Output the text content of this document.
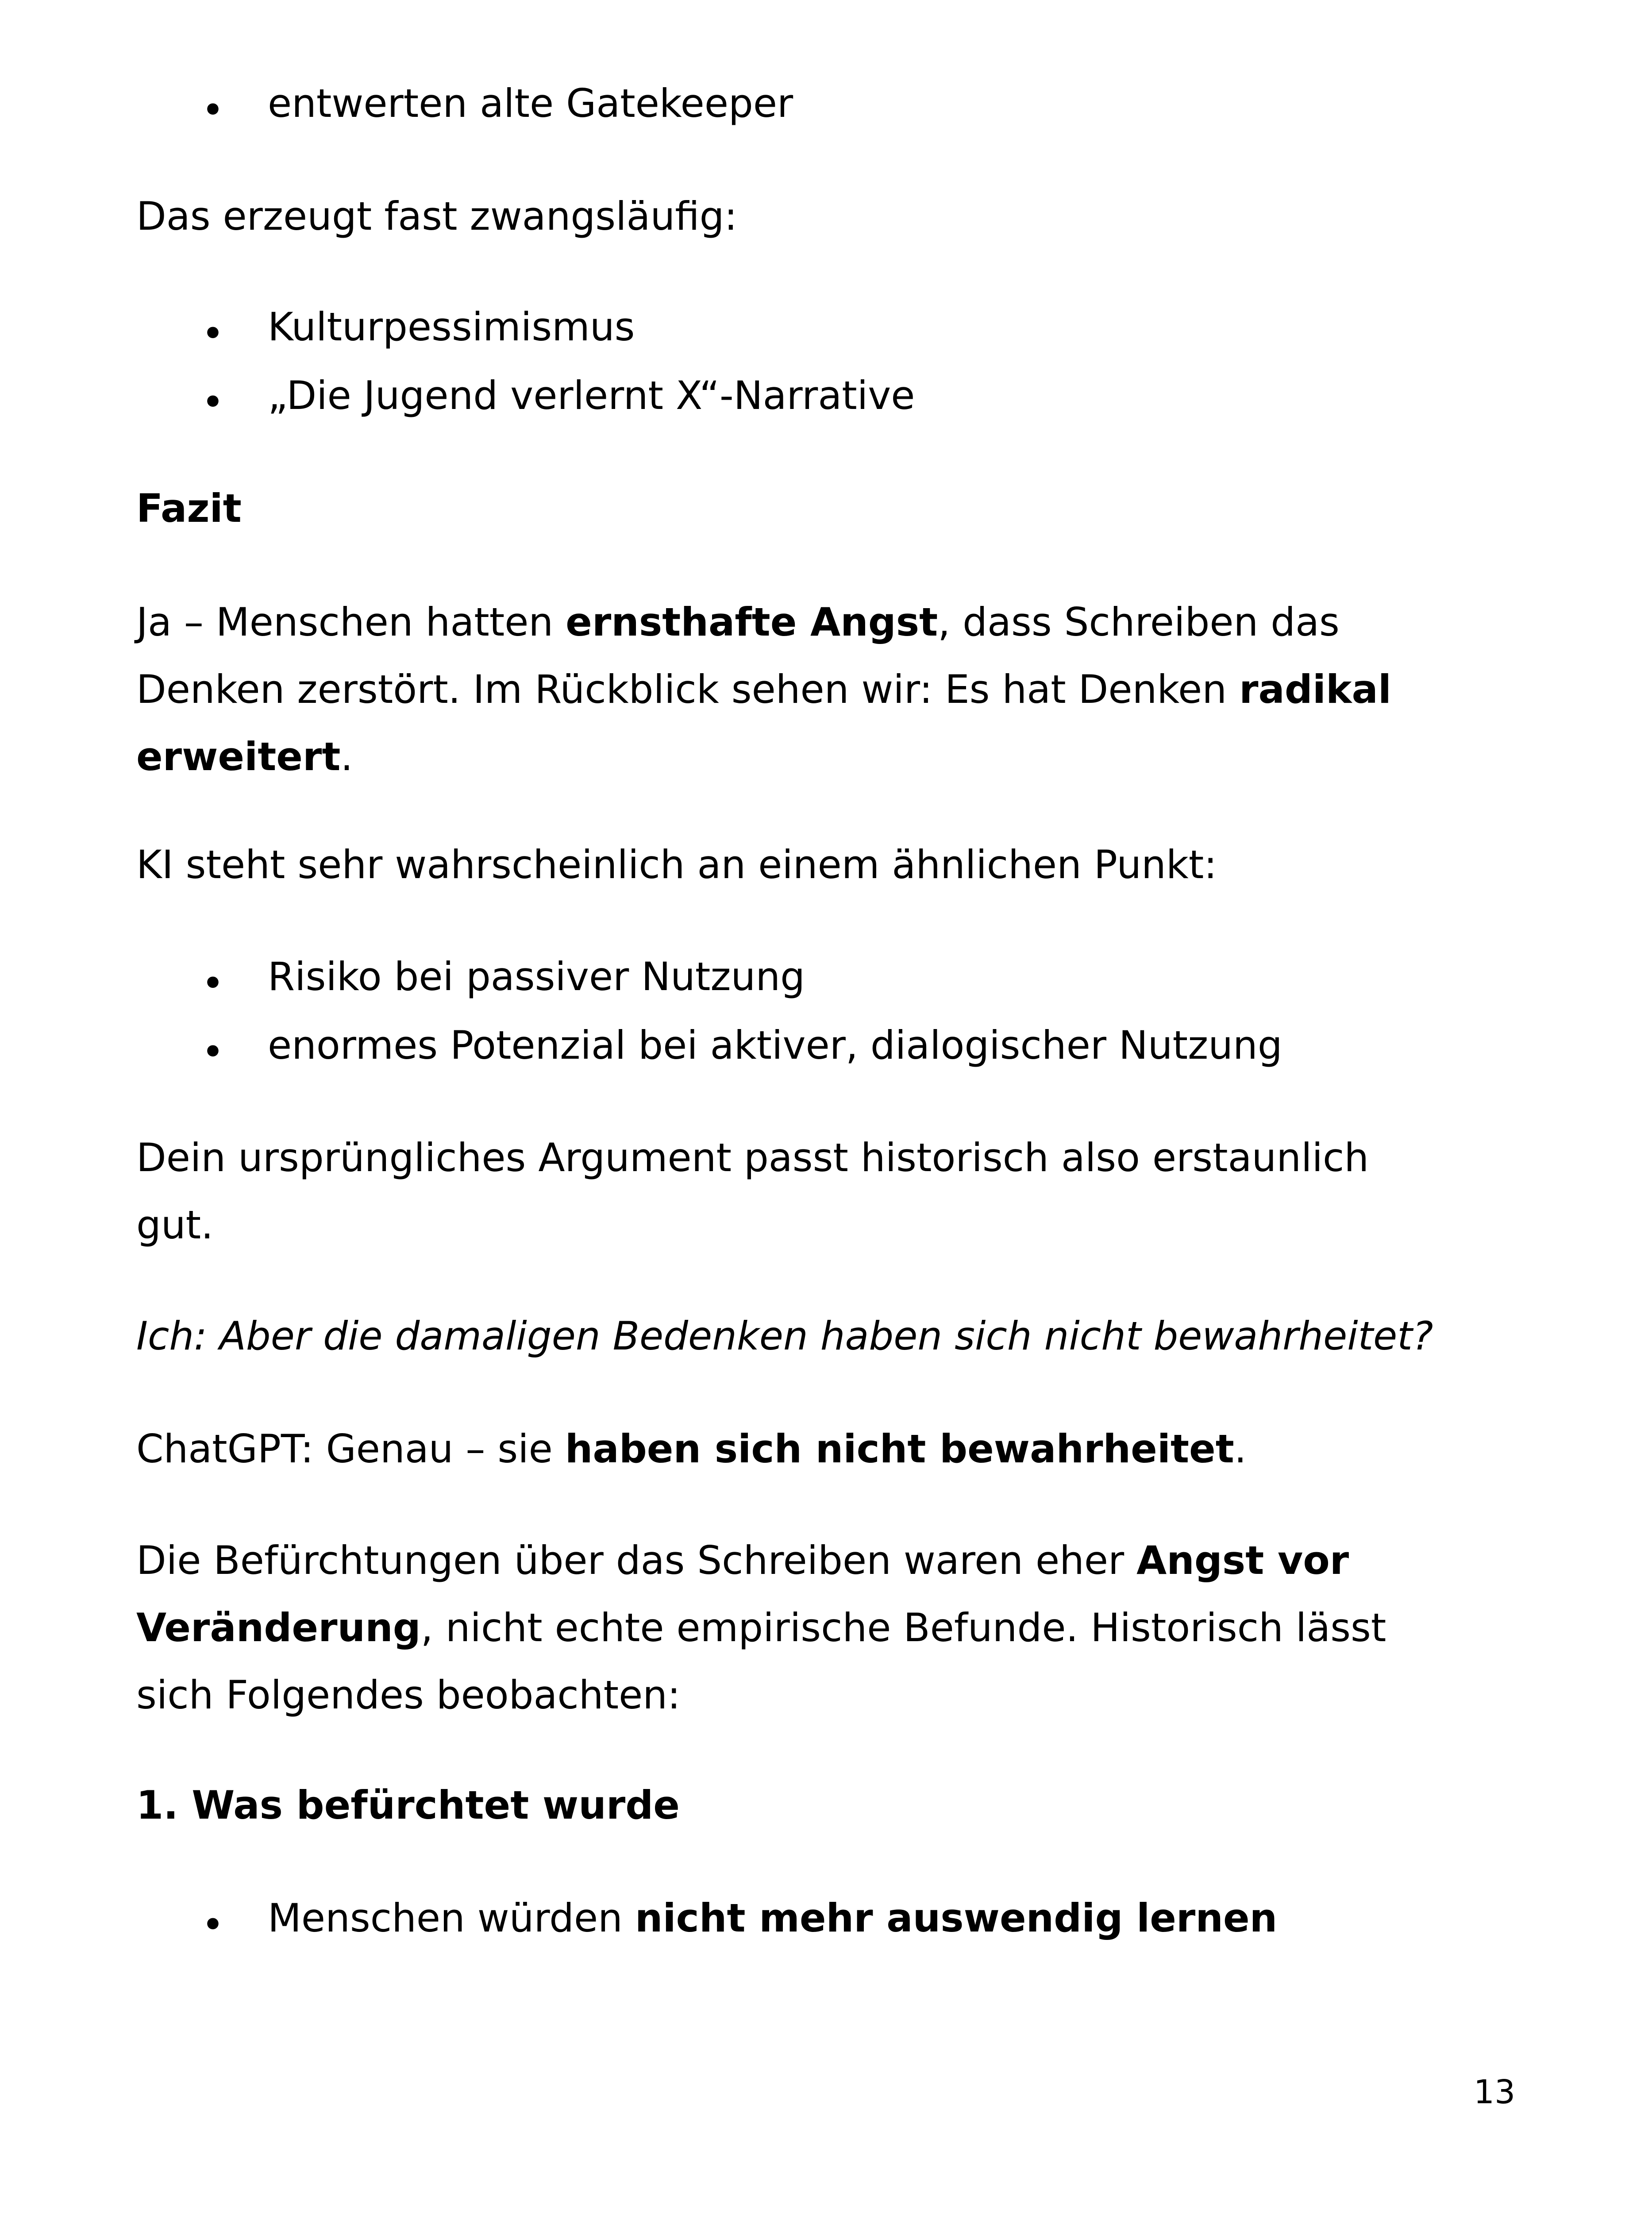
• entwerten alte Gatekeeper

Das erzeugt fast zwangsläufig:

• Kulturpessimismus
• „Die Jugend verlernt X“-Narrative

Fazit

Ja – Menschen hatten ernsthafte Angst, dass Schreiben das
Denken zerstört. Im Rückblick sehen wir: Es hat Denken radikal
erweitert.

KI steht sehr wahrscheinlich an einem ähnlichen Punkt:

• Risiko bei passiver Nutzung
• enormes Potenzial bei aktiver, dialogischer Nutzung

Dein ursprüngliches Argument passt historisch also erstaunlich
gut.

Ich: Aber die damaligen Bedenken haben sich nicht bewahrheitet?

ChatGPT: Genau – sie haben sich nicht bewahrheitet.

Die Befürchtungen über das Schreiben waren eher Angst vor
Veränderung, nicht echte empirische Befunde. Historisch lässt
sich Folgendes beobachten:

1. Was befürchtet wurde

• Menschen würden nicht mehr auswendig lernen
13
